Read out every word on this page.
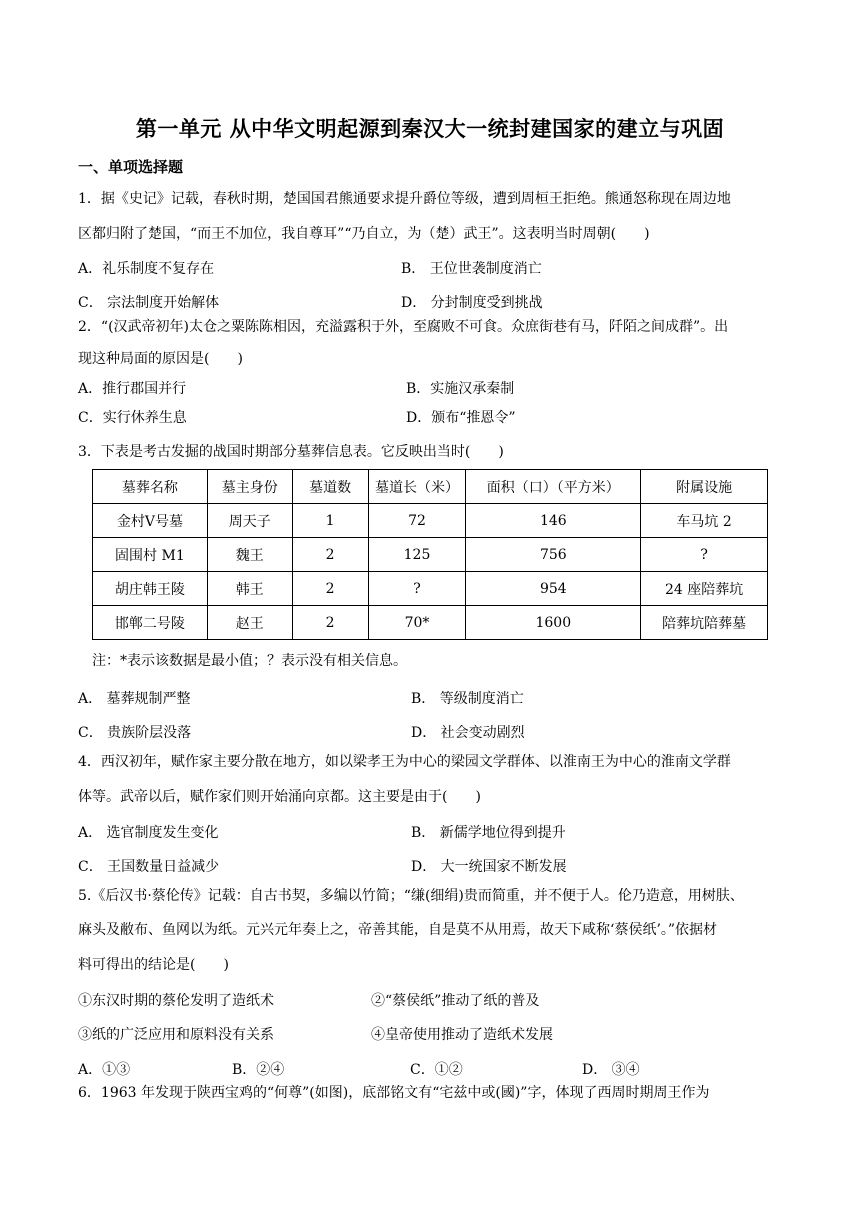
第一单元 从中华文明起源到秦汉大一统封建国家的建立与巩固
一、单项选择题
1．据《史记》记载，春秋时期，楚国国君熊通要求提升爵位等级，遭到周桓王拒绝。熊通怒称现在周边地
区都归附了楚国，“而王不加位，我自尊耳”“乃自立，为（楚）武王”。这表明当时周朝(　　)
A．礼乐制度不复存在	B． 王位世袭制度消亡
C． 宗法制度开始解体	D． 分封制度受到挑战
2．“(汉武帝初年)太仓之粟陈陈相因，充溢露积于外，至腐败不可食。众庶街巷有马，阡陌之间成群”。出
现这种局面的原因是(　　)
A．推行郡国并行	B．实施汉承秦制
C．实行休养生息	D．颁布“推恩令”
3．下表是考古发掘的战国时期部分墓葬信息表。它反映出当时(　　)
墓葬名称	墓主身份	墓道数	墓道长（米）	面积（口）（平方米）	附属设施
金村Ⅴ号墓	周天子	1	72	146	车马坑 2
固围村 M1	魏王	2	125	756	?
胡庄韩王陵	韩王	2	?	954	24 座陪葬坑
邯郸二号陵	赵王	2	70*	1600	陪葬坑陪葬墓
注：*表示该数据是最小值；？表示没有相关信息。
A． 墓葬规制严整	B． 等级制度消亡
C． 贵族阶层没落	D． 社会变动剧烈
4．西汉初年，赋作家主要分散在地方，如以梁孝王为中心的梁园文学群体、以淮南王为中心的淮南文学群
体等。武帝以后，赋作家们则开始涌向京都。这主要是由于(　　)
A． 选官制度发生变化	B． 新儒学地位得到提升
C． 王国数量日益减少	D． 大一统国家不断发展
5.《后汉书·蔡伦传》记载：自古书契，多编以竹简；“缣(细绢)贵而简重，并不便于人。伦乃造意，用树肤、
麻头及敝布、鱼网以为纸。元兴元年奏上之，帝善其能，自是莫不从用焉，故天下咸称‘蔡侯纸’。”依据材
料可得出的结论是(　　)
①东汉时期的蔡伦发明了造纸术	②“蔡侯纸”推动了纸的普及
③纸的广泛应用和原料没有关系	④皇帝使用推动了造纸术发展
A．①③	B．②④	C．①②	D． ③④
6．1963 年发现于陕西宝鸡的“何尊”(如图)，底部铭文有“宅兹中或(國)”字，体现了西周时期周王作为
